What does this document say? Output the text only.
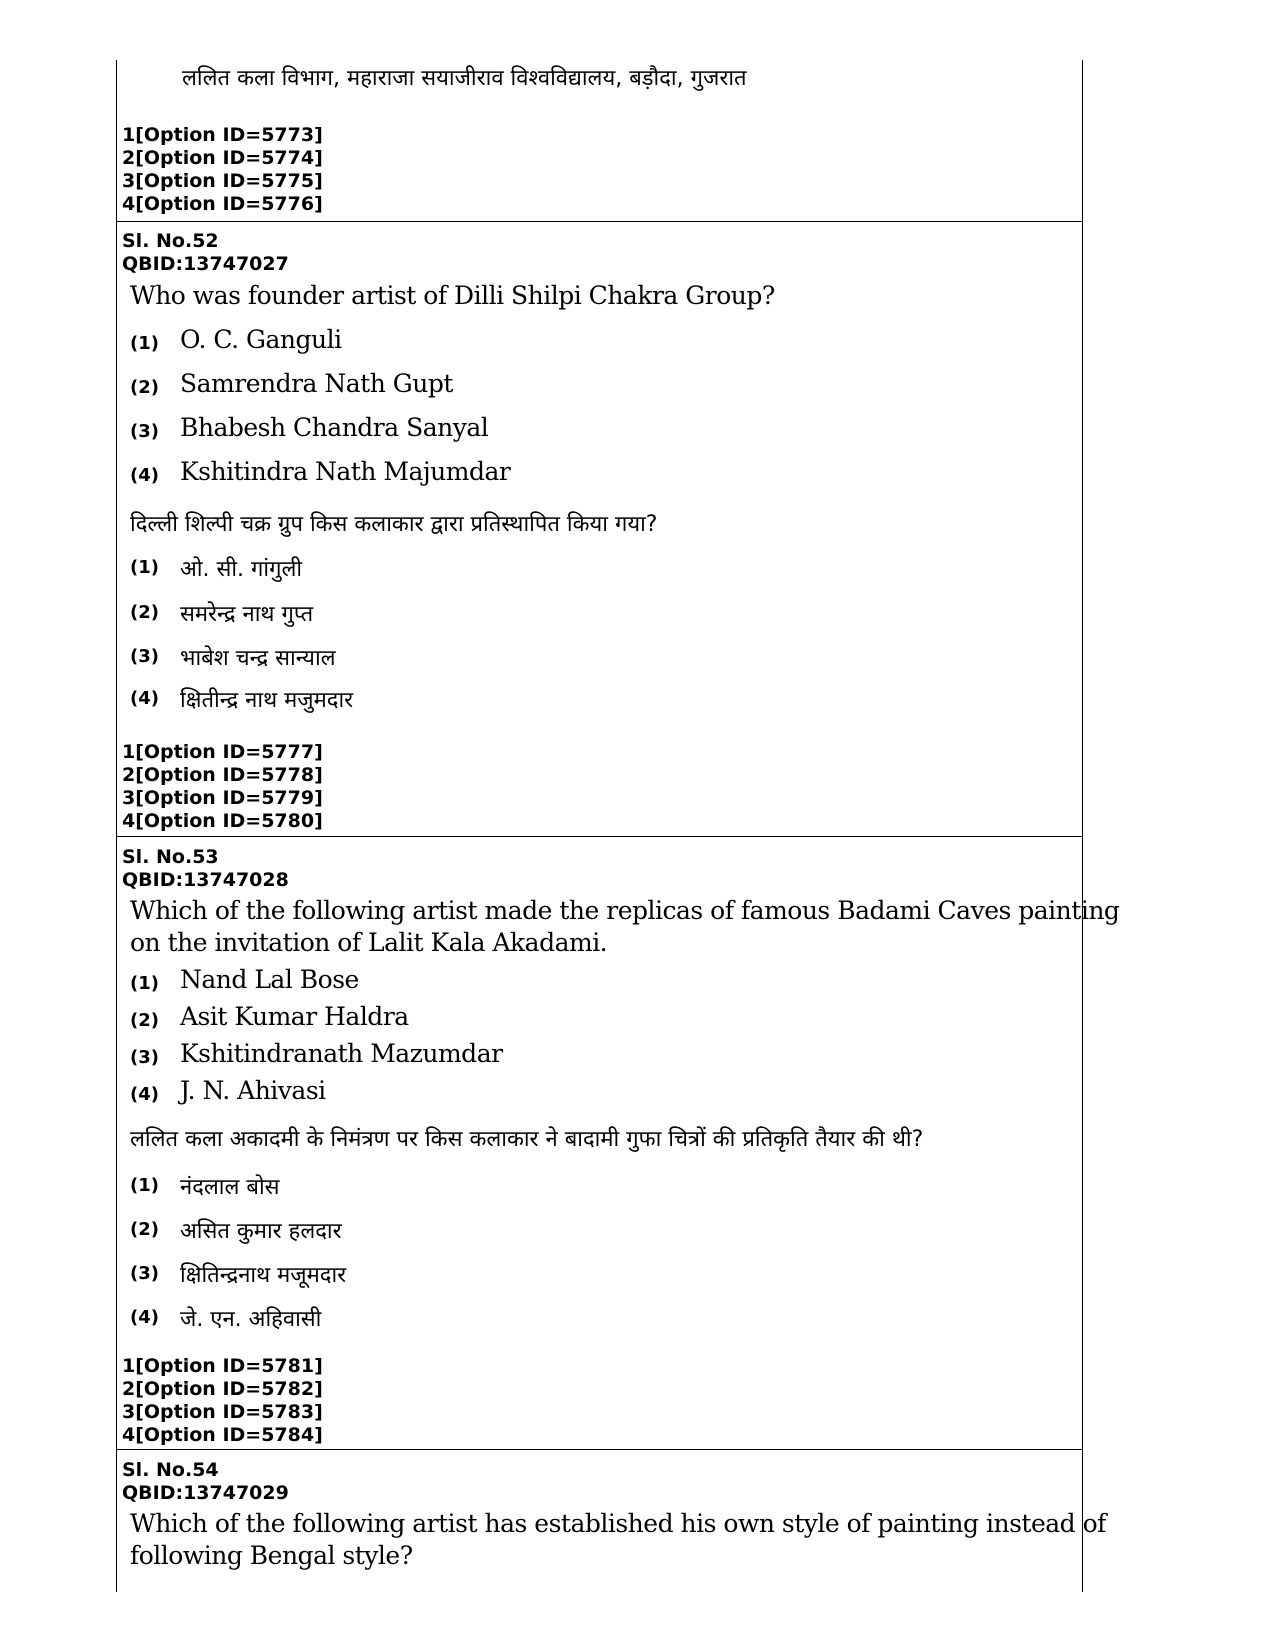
ललित कला विभाग, महाराजा सयाजीराव विश्वविद्यालय, बड़ौदा, गुजरात
1[Option ID=5773]
2[Option ID=5774]
3[Option ID=5775]
4[Option ID=5776]
Sl. No.52
QBID:13747027
Who was founder artist of Dilli Shilpi Chakra Group?
(1) O. C. Ganguli
(2) Samrendra Nath Gupt
(3) Bhabesh Chandra Sanyal
(4) Kshitindra Nath Majumdar
दिल्ली शिल्पी चक्र ग्रुप किस कलाकार द्वारा प्रतिस्थापित किया गया?
(1) ओ. सी. गांगुली
(2) समरेन्द्र नाथ गुप्त
(3) भाबेश चन्द्र सान्याल
(4) क्षितीन्द्र नाथ मजुमदार
1[Option ID=5777]
2[Option ID=5778]
3[Option ID=5779]
4[Option ID=5780]
Sl. No.53
QBID:13747028
Which of the following artist made the replicas of famous Badami Caves painting
on the invitation of Lalit Kala Akadami.
(1) Nand Lal Bose
(2) Asit Kumar Haldra
(3) Kshitindranath Mazumdar
(4) J. N. Ahivasi
ललित कला अकादमी के निमंत्रण पर किस कलाकार ने बादामी गुफा चित्रों की प्रतिकृति तैयार की थी?
(1) नंदलाल बोस
(2) असित कुमार हलदार
(3) क्षितिन्द्रनाथ मजूमदार
(4) जे. एन. अहिवासी
1[Option ID=5781]
2[Option ID=5782]
3[Option ID=5783]
4[Option ID=5784]
Sl. No.54
QBID:13747029
Which of the following artist has established his own style of painting instead of
following Bengal style?
